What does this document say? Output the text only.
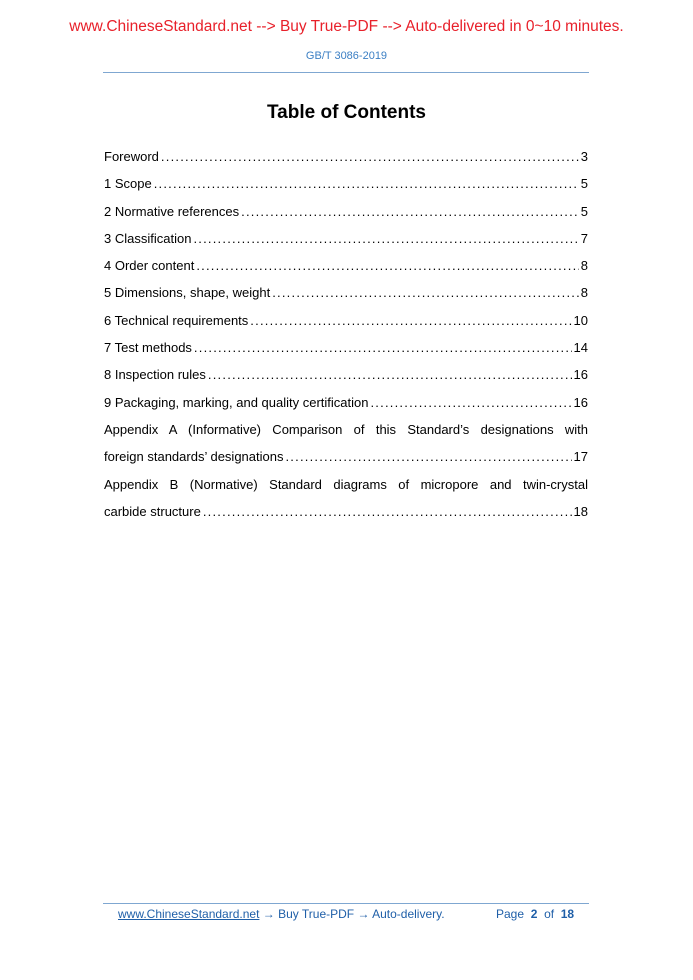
www.ChineseStandard.net --> Buy True-PDF --> Auto-delivered in 0~10 minutes.
GB/T 3086-2019
Table of Contents
Foreword . . .	3
1 Scope . . .	5
2 Normative references . . .	5
3 Classification . . .	7
4 Order content . . .	8
5 Dimensions, shape, weight . . .	8
6 Technical requirements . . .	10
7 Test methods . . .	14
8 Inspection rules . . .	16
9 Packaging, marking, and quality certification . . .	16
Appendix A (Informative) Comparison of this Standard’s designations with
foreign standards’ designations . . .	17
Appendix B (Normative) Standard diagrams of micropore and twin-crystal
carbide structure . . .	18
www.ChineseStandard.net → Buy True-PDF → Auto-delivery.	Page 2 of 18
